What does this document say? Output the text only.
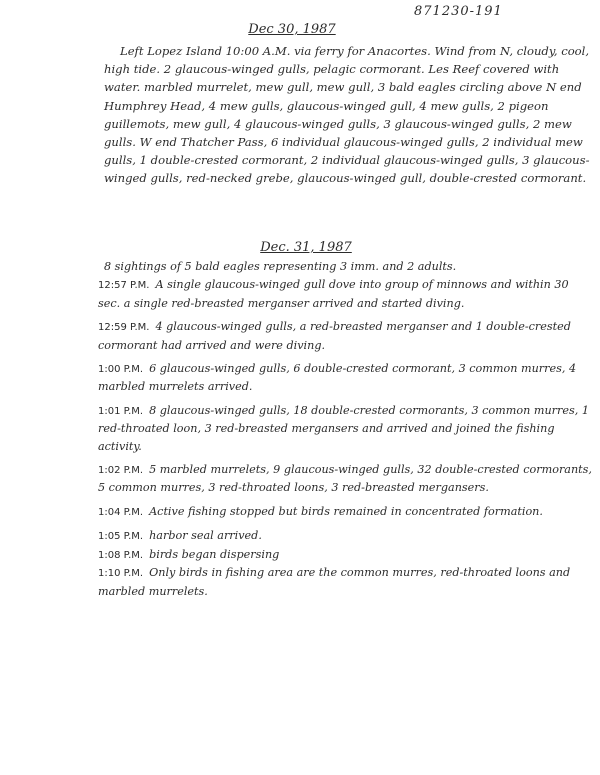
871230-191
Dec 30, 1987

Left Lopez Island 10:00 A.M. via ferry for Anacortes. Wind from N, cloudy, cool, high tide. 2 glaucous-winged gulls, pelagic cormorant. Les Reef covered with water. marbled murrelet, mew gull, mew gull, 3 bald eagles circling above N end Humphrey Head, 4 mew gulls, glaucous-winged gull, 4 mew gulls, 2 pigeon guillemots, mew gull, 4 glaucous-winged gulls, 3 glaucous-winged gulls, 2 mew gulls. W end Thatcher Pass, 6 individual glaucous-winged gulls, 2 individual mew gulls, 1 double-crested cormorant, 2 individual glaucous-winged gulls, 3 glaucous-winged gulls, red-necked grebe, glaucous-winged gull, double-crested cormorant.

Dec. 31, 1987
8 sightings of 5 bald eagles representing 3 imm. and 2 adults.
12:57 P.M. A single glaucous-winged gull dove into group of minnows and within 30 sec. a single red-breasted merganser arrived and started diving.
12:59 P.M. 4 glaucous-winged gulls, a red-breasted merganser and 1 double-crested cormorant had arrived and were diving.
1:00 P.M. 6 glaucous-winged gulls, 6 double-crested cormorant, 3 common murres, 4 marbled murrelets arrived.
1:01 P.M. 8 glaucous-winged gulls, 18 double-crested cormorants, 3 common murres, 1 red-throated loon, 3 red-breasted mergansers and arrived and joined the fishing activity.
1:02 P.M. 5 marbled murrelets, 9 glaucous-winged gulls, 32 double-crested cormorants, 5 common murres, 3 red-throated loons, 3 red-breasted mergansers.
1:04 P.M. Active fishing stopped but birds remained in concentrated formation.
1:05 P.M. harbor seal arrived.
1:08 P.M. birds began dispersing
1:10 P.M. Only birds in fishing area are the common murres, red-throated loons and marbled murrelets.
